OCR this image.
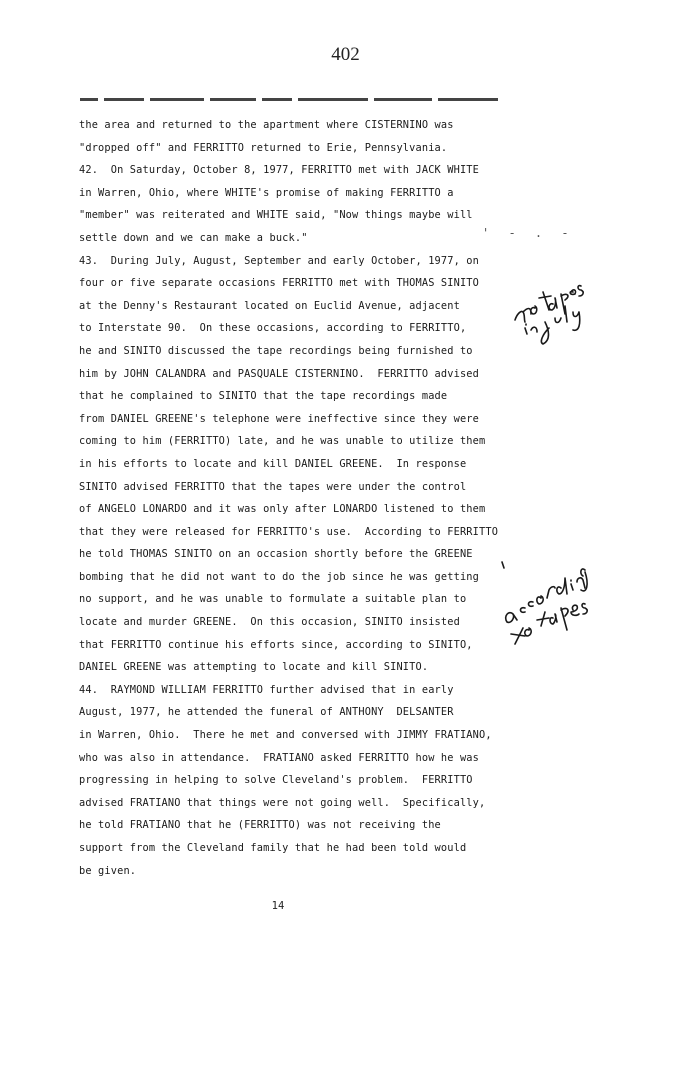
402
the area and returned to the apartment where CISTERNINO was
"dropped off" and FERRITTO returned to Erie, Pennsylvania.
42.  On Saturday, October 8, 1977, FERRITTO met with JACK WHITE
in Warren, Ohio, where WHITE's promise of making FERRITTO a
"member" was reiterated and WHITE said, "Now things maybe will
settle down and we can make a buck."
43.  During July, August, September and early October, 1977, on
four or five separate occasions FERRITTO met with THOMAS SINITO
at the Denny's Restaurant located on Euclid Avenue, adjacent
to Interstate 90.  On these occasions, according to FERRITTO,
he and SINITO discussed the tape recordings being furnished to
him by JOHN CALANDRA and PASQUALE CISTERNINO.  FERRITTO advised
that he complained to SINITO that the tape recordings made
from DANIEL GREENE's telephone were ineffective since they were
coming to him (FERRITTO) late, and he was unable to utilize them
in his efforts to locate and kill DANIEL GREENE.  In response
SINITO advised FERRITTO that the tapes were under the control
of ANGELO LONARDO and it was only after LONARDO listened to them
that they were released for FERRITTO's use.  According to FERRITTO
he told THOMAS SINITO on an occasion shortly before the GREENE
bombing that he did not want to do the job since he was getting
no support, and he was unable to formulate a suitable plan to
locate and murder GREENE.  On this occasion, SINITO insisted
that FERRITTO continue his efforts since, according to SINITO,
DANIEL GREENE was attempting to locate and kill SINITO.
44.  RAYMOND WILLIAM FERRITTO further advised that in early
August, 1977, he attended the funeral of ANTHONY  DELSANTER
in Warren, Ohio.  There he met and conversed with JIMMY FRATIANO,
who was also in attendance.  FRATIANO asked FERRITTO how he was
progressing in helping to solve Cleveland's problem.  FERRITTO
advised FRATIANO that things were not going well.  Specifically,
he told FRATIANO that he (FERRITTO) was not receiving the
support from the Cleveland family that he had been told would
be given.
' - . -
14
